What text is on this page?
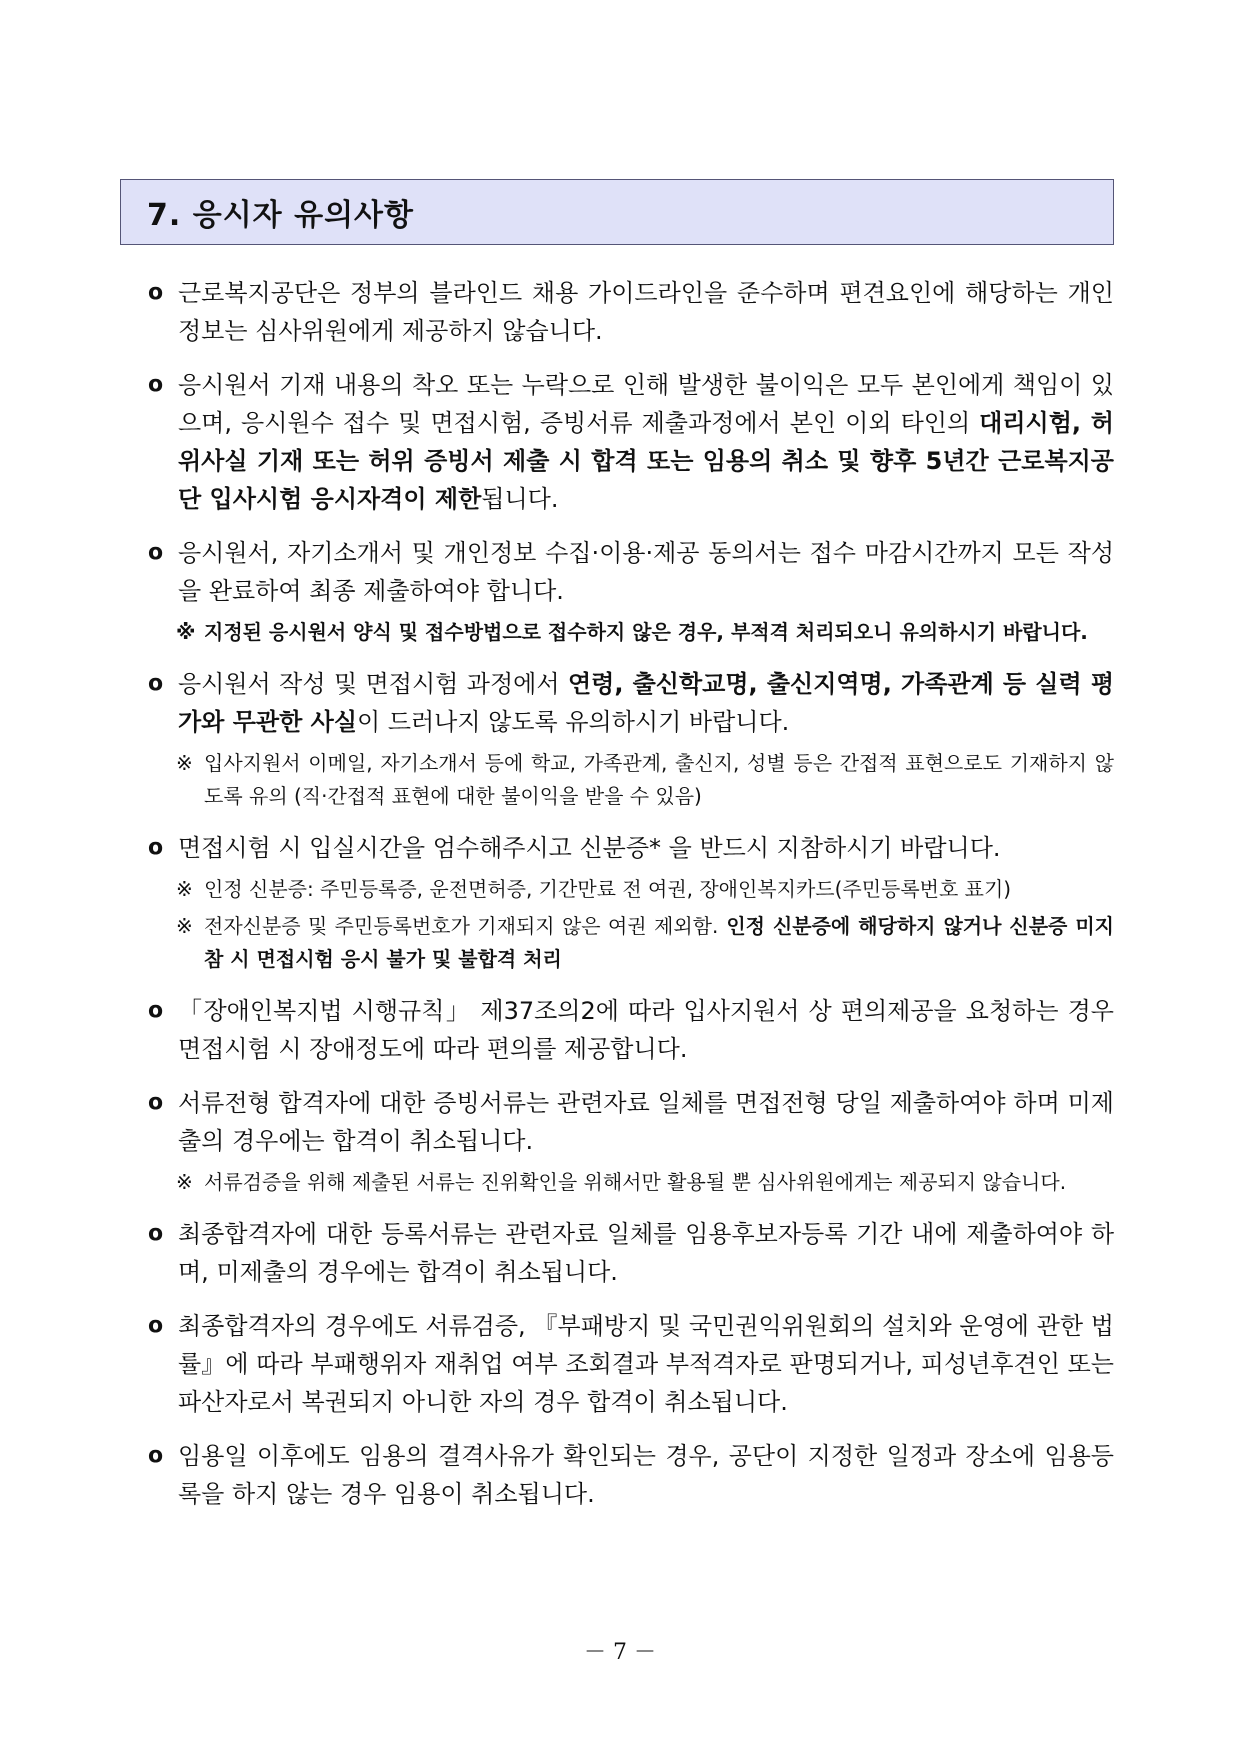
7. 응시자 유의사항
ο 근로복지공단은 정부의 블라인드 채용 가이드라인을 준수하며 편견요인에 해당하는 개인정보는 심사위원에게 제공하지 않습니다.

ο 응시원서 기재 내용의 착오 또는 누락으로 인해 발생한 불이익은 모두 본인에게 책임이 있으며, 응시원수 접수 및 면접시험, 증빙서류 제출과정에서 본인 이외 타인의 대리시험, 허위사실 기재 또는 허위 증빙서 제출 시 합격 또는 임용의 취소 및 향후 5년간 근로복지공단 입사시험 응시자격이 제한됩니다.

ο 응시원서, 자기소개서 및 개인정보 수집·이용·제공 동의서는 접수 마감시간까지 모든 작성을 완료하여 최종 제출하여야 합니다.

※ 지정된 응시원서 양식 및 접수방법으로 접수하지 않은 경우, 부적격 처리되오니 유의하시기 바랍니다.
ο 응시원서 작성 및 면접시험 과정에서 연령, 출신학교명, 출신지역명, 가족관계 등 실력 평가와 무관한 사실이 드러나지 않도록 유의하시기 바랍니다.

※ 입사지원서 이메일, 자기소개서 등에 학교, 가족관계, 출신지, 성별 등은 간접적 표현으로도 기재하지 않도록 유의 (직·간접적 표현에 대한 불이익을 받을 수 있음)
ο 면접시험 시 입실시간을 엄수해주시고 신분증* 을 반드시 지참하시기 바랍니다.

※ 인정 신분증: 주민등록증, 운전면허증, 기간만료 전 여권, 장애인복지카드(주민등록번호 표기)
※ 전자신분증 및 주민등록번호가 기재되지 않은 여권 제외함. 인정 신분증에 해당하지 않거나 신분증 미지참 시 면접시험 응시 불가 및 불합격 처리
ο 「장애인복지법 시행규칙」 제37조의2에 따라 입사지원서 상 편의제공을 요청하는 경우 면접시험 시 장애정도에 따라 편의를 제공합니다.

ο 서류전형 합격자에 대한 증빙서류는 관련자료 일체를 면접전형 당일 제출하여야 하며 미제출의 경우에는 합격이 취소됩니다.

※ 서류검증을 위해 제출된 서류는 진위확인을 위해서만 활용될 뿐 심사위원에게는 제공되지 않습니다.
ο 최종합격자에 대한 등록서류는 관련자료 일체를 임용후보자등록 기간 내에 제출하여야 하며, 미제출의 경우에는 합격이 취소됩니다.

ο 최종합격자의 경우에도 서류검증, 『부패방지 및 국민권익위원회의 설치와 운영에 관한 법률』에 따라 부패행위자 재취업 여부 조회결과 부적격자로 판명되거나, 피성년후견인 또는 파산자로서 복권되지 아니한 자의 경우 합격이 취소됩니다.

ο 임용일 이후에도 임용의 결격사유가 확인되는 경우, 공단이 지정한 일정과 장소에 임용등록을 하지 않는 경우 임용이 취소됩니다.

－ 7 －
